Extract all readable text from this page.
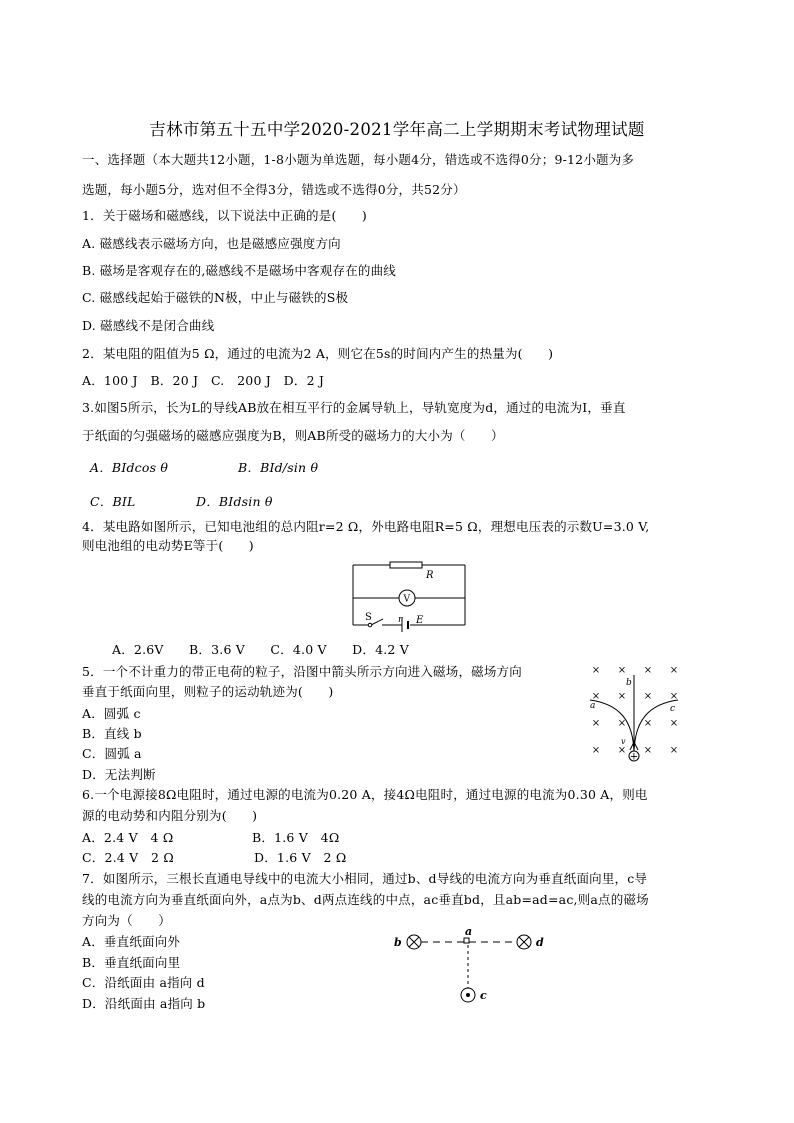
吉林市第五十五中学2020-2021学年高二上学期期末考试物理试题
一、选择题（本大题共12小题，1-8小题为单选题，每小题4分，错选或不选得0分；9-12小题为多
选题，每小题5分，选对但不全得3分，错选或不选得0分，共52分）
1．关于磁场和磁感线，以下说法中正确的是(　　)
A. 磁感线表示磁场方向，也是磁感应强度方向
B. 磁场是客观存在的,磁感线不是磁场中客观存在的曲线
C. 磁感线起始于磁铁的N极，中止与磁铁的S极
D. 磁感线不是闭合曲线
2．某电阻的阻值为5 Ω，通过的电流为2 A，则它在5s的时间内产生的热量为(　　)
A．100 J　B．20 J　C.　200 J　D．2 J
3.如图5所示，长为L的导线AB放在相互平行的金属导轨上，导轨宽度为d，通过的电流为I，垂直
于纸面的匀强磁场的磁感应强度为B，则AB所受的磁场力的大小为（　　）
A．BIdcos θ	B．BId/sin θ
C．BIL	D．BIdsin θ
4．某电路如图所示，已知电池组的总内阻r=2 Ω，外电路电阻R=5 Ω，理想电压表的示数U=3.0 V,
则电池组的电动势E等于(　　)
R
V
S	r E
A．2.6V　　B．3.6 V　　C．4.0 V　　D．4.2 V
5．一个不计重力的带正电荷的粒子，沿图中箭头所示方向进入磁场，磁场方向
垂直于纸面向里，则粒子的运动轨迹为(　　)
A．圆弧 c
B．直线 b
C．圆弧 a
D．无法判断
× × × ×
× × × ×
× × × ×
× × × ×
+
a
b
c
v
6.一个电源接8Ω电阻时，通过电源的电流为0.20 A，接4Ω电阻时，通过电源的电流为0.30 A，则电
源的电动势和内阻分别为(　　)
A．2.4 V　4 Ω	B．1.6 V　4Ω
C．2.4 V　2 Ω	D．1.6 V　2 Ω
7．如图所示，三根长直通电导线中的电流大小相同，通过b、d导线的电流方向为垂直纸面向里，c导
线的电流方向为垂直纸面向外，a点为b、d两点连线的中点，ac垂直bd，且ab=ad=ac,则a点的磁场
方向为（　　）
A．垂直纸面向外
B．垂直纸面向里
C．沿纸面由 a指向 d
D．沿纸面由 a指向 b
b
a
d
c
